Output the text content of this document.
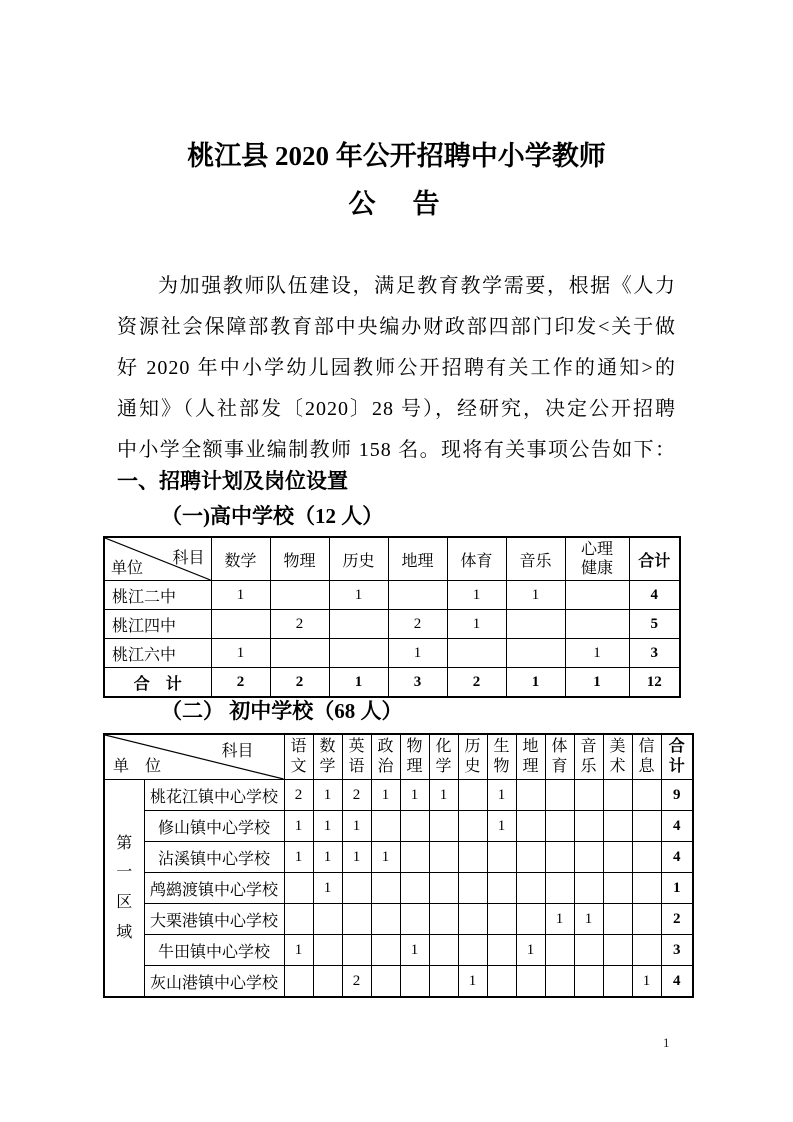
桃江县 2020 年公开招聘中小学教师
公　告
为加强教师队伍建设，满足教育教学需要，根据《人力
资源社会保障部教育部中央编办财政部四部门印发<关于做
好 2020 年中小学幼儿园教师公开招聘有关工作的通知>的
通知》（人社部发〔2020〕28 号），经研究，决定公开招聘
中小学全额事业编制教师 158 名。现将有关事项公告如下：
一、招聘计划及岗位设置
（一)高中学校（12 人）
单位
科目	数学	物理	历史	地理	体育	音乐	心理健康	合计
桃江二中	1		1		1	1		4
桃江四中		2		2	1			5
桃江六中	1			1			1	3
合　计	2	2	1	3	2	1	1	12
（二） 初中学校（68 人）
科目
单　位		语文	数学	英语	政治	物理	化学	历史	生物	地理	体育	音乐	美术	信息	合计
第一区域	桃花江镇中心学校	2	1	2	1	1	1		1						9
	修山镇中心学校	1	1	1					1						4
	沾溪镇中心学校	1	1	1	1										4
	鸬鹚渡镇中心学校		1												1
	大栗港镇中心学校										1	1			2
	牛田镇中心学校	1				1				1					3
	灰山港镇中心学校			2				1						1	4
1
